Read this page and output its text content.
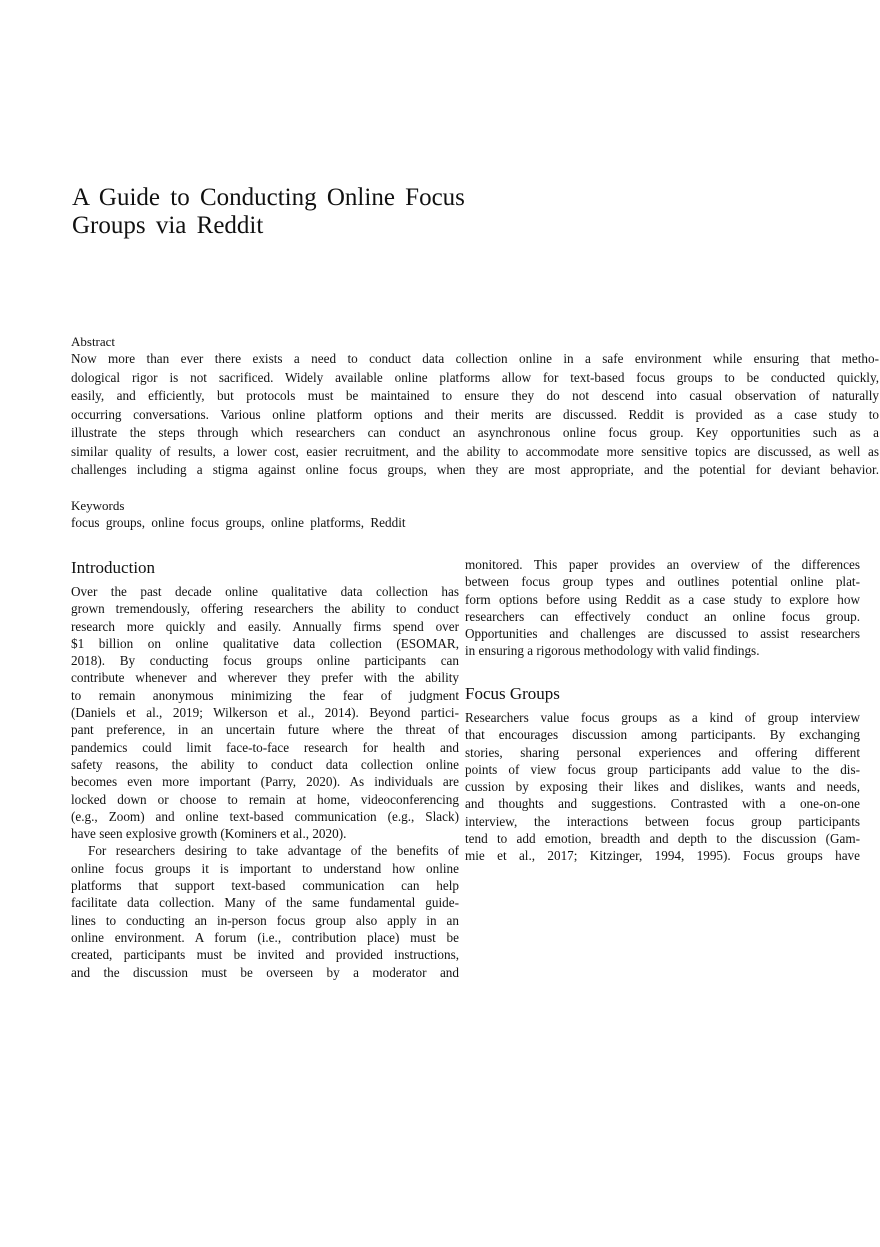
A Guide to Conducting Online Focus
Groups via Reddit
Abstract
Now more than ever there exists a need to conduct data collection online in a safe environment while ensuring that metho-
dological rigor is not sacrificed. Widely available online platforms allow for text-based focus groups to be conducted quickly,
easily, and efficiently, but protocols must be maintained to ensure they do not descend into casual observation of naturally
occurring conversations. Various online platform options and their merits are discussed. Reddit is provided as a case study to
illustrate the steps through which researchers can conduct an asynchronous online focus group. Key opportunities such as a
similar quality of results, a lower cost, easier recruitment, and the ability to accommodate more sensitive topics are discussed, as well as
challenges including a stigma against online focus groups, when they are most appropriate, and the potential for deviant behavior.
Keywords
focus groups, online focus groups, online platforms, Reddit
Introduction
Over the past decade online qualitative data collection has
grown tremendously, offering researchers the ability to conduct
research more quickly and easily. Annually firms spend over
$1 billion on online qualitative data collection (ESOMAR,
2018). By conducting focus groups online participants can
contribute whenever and wherever they prefer with the ability
to remain anonymous minimizing the fear of judgment
(Daniels et al., 2019; Wilkerson et al., 2014). Beyond partici-
pant preference, in an uncertain future where the threat of
pandemics could limit face-to-face research for health and
safety reasons, the ability to conduct data collection online
becomes even more important (Parry, 2020). As individuals are
locked down or choose to remain at home, videoconferencing
(e.g., Zoom) and online text-based communication (e.g., Slack)
have seen explosive growth (Kominers et al., 2020).
For researchers desiring to take advantage of the benefits of
online focus groups it is important to understand how online
platforms that support text-based communication can help
facilitate data collection. Many of the same fundamental guide-
lines to conducting an in-person focus group also apply in an
online environment. A forum (i.e., contribution place) must be
created, participants must be invited and provided instructions,
and the discussion must be overseen by a moderator and
monitored. This paper provides an overview of the differences
between focus group types and outlines potential online plat-
form options before using Reddit as a case study to explore how
researchers can effectively conduct an online focus group.
Opportunities and challenges are discussed to assist researchers
in ensuring a rigorous methodology with valid findings.
Focus Groups
Researchers value focus groups as a kind of group interview
that encourages discussion among participants. By exchanging
stories, sharing personal experiences and offering different
points of view focus group participants add value to the dis-
cussion by exposing their likes and dislikes, wants and needs,
and thoughts and suggestions. Contrasted with a one-on-one
interview, the interactions between focus group participants
tend to add emotion, breadth and depth to the discussion (Gam-
mie et al., 2017; Kitzinger, 1994, 1995). Focus groups have
